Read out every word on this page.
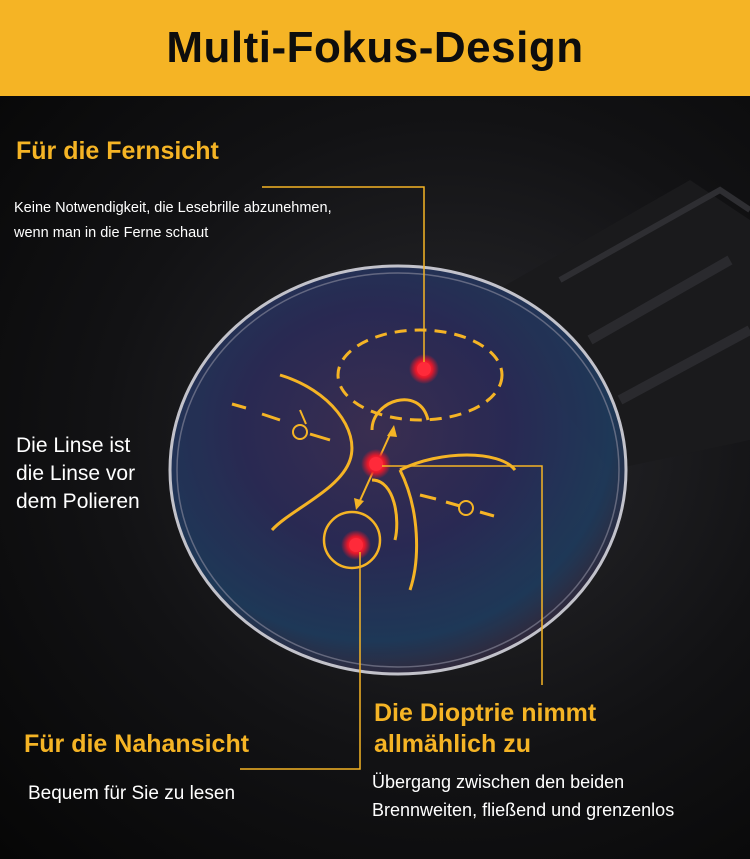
Multi-Fokus-Design

Für die Fernsicht

Keine Notwendigkeit, die Lesebrille abzunehmen,

wenn man in die Ferne schaut

Die Linse ist

die Linse vor

dem Polieren

Für die Nahansicht

Bequem für Sie zu lesen

Die Dioptrie nimmt

allmählich zu

Übergang zwischen den beiden

Brennweiten, fließend und grenzenlos
